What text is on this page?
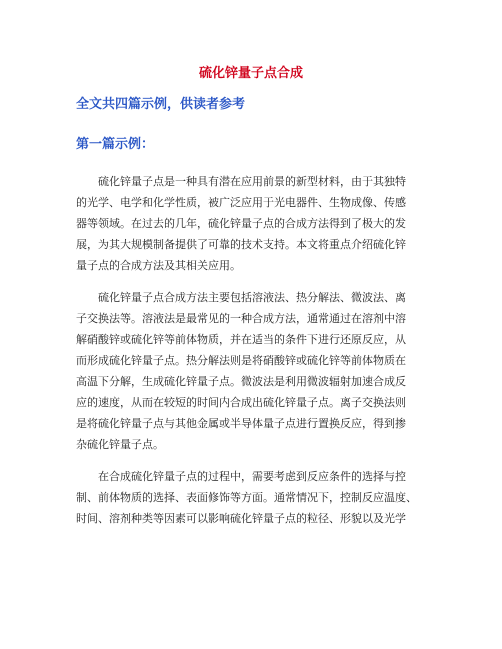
硫化锌量子点合成
全文共四篇示例，供读者参考
第一篇示例：
硫化锌量子点是一种具有潜在应用前景的新型材料，由于其独特
的光学、电学和化学性质，被广泛应用于光电器件、生物成像、传感
器等领域。在过去的几年，硫化锌量子点的合成方法得到了极大的发
展，为其大规模制备提供了可靠的技术支持。本文将重点介绍硫化锌
量子点的合成方法及其相关应用。
硫化锌量子点合成方法主要包括溶液法、热分解法、微波法、离
子交换法等。溶液法是最常见的一种合成方法，通常通过在溶剂中溶
解硝酸锌或硫化锌等前体物质，并在适当的条件下进行还原反应，从
而形成硫化锌量子点。热分解法则是将硝酸锌或硫化锌等前体物质在
高温下分解，生成硫化锌量子点。微波法是利用微波辐射加速合成反
应的速度，从而在较短的时间内合成出硫化锌量子点。离子交换法则
是将硫化锌量子点与其他金属或半导体量子点进行置换反应，得到掺
杂硫化锌量子点。
在合成硫化锌量子点的过程中，需要考虑到反应条件的选择与控
制、前体物质的选择、表面修饰等方面。通常情况下，控制反应温度、
时间、溶剂种类等因素可以影响硫化锌量子点的粒径、形貌以及光学
